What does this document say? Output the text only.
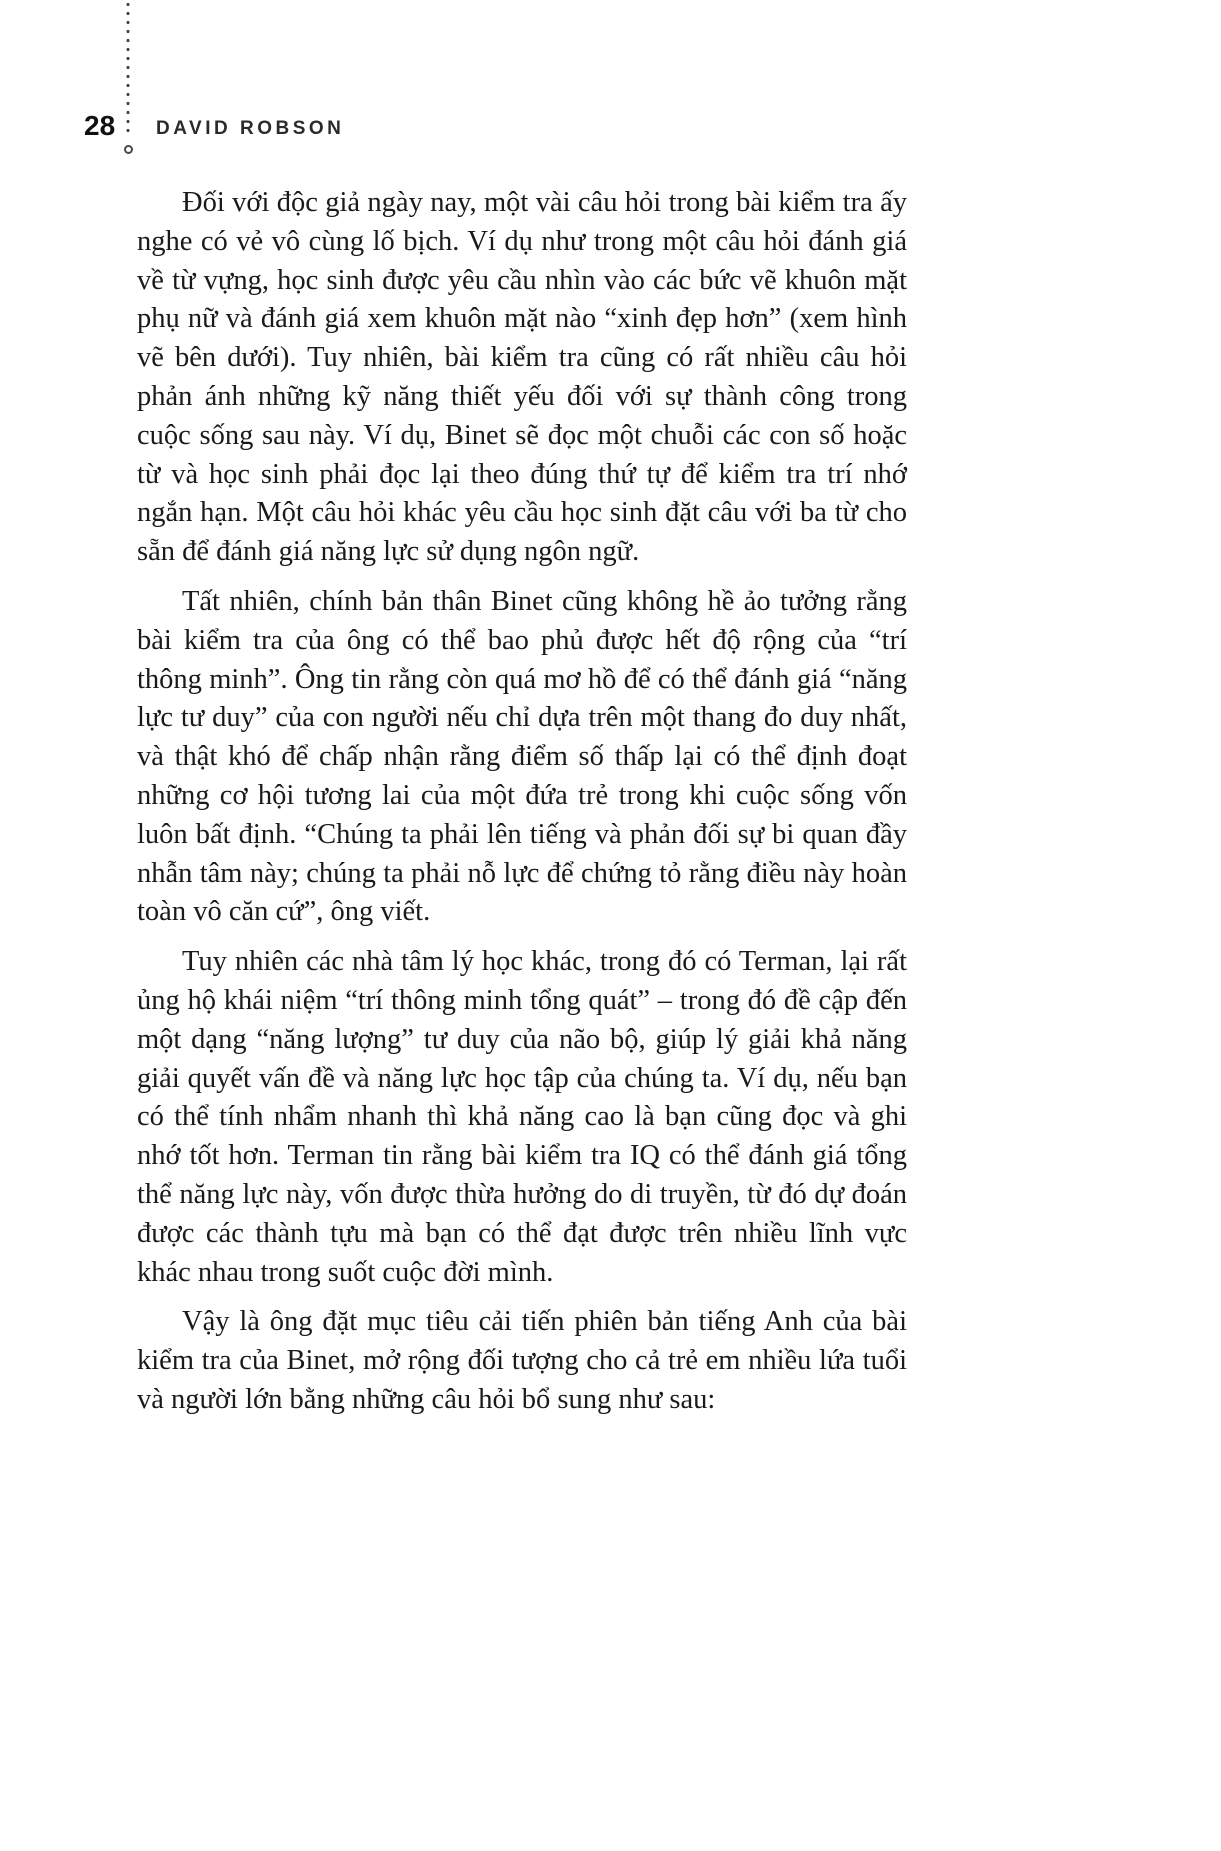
28 DAVID ROBSON

Đối với độc giả ngày nay, một vài câu hỏi trong bài kiểm tra ấy nghe có vẻ vô cùng lố bịch. Ví dụ như trong một câu hỏi đánh giá về từ vựng, học sinh được yêu cầu nhìn vào các bức vẽ khuôn mặt phụ nữ và đánh giá xem khuôn mặt nào “xinh đẹp hơn” (xem hình vẽ bên dưới). Tuy nhiên, bài kiểm tra cũng có rất nhiều câu hỏi phản ánh những kỹ năng thiết yếu đối với sự thành công trong cuộc sống sau này. Ví dụ, Binet sẽ đọc một chuỗi các con số hoặc từ và học sinh phải đọc lại theo đúng thứ tự để kiểm tra trí nhớ ngắn hạn. Một câu hỏi khác yêu cầu học sinh đặt câu với ba từ cho sẵn để đánh giá năng lực sử dụng ngôn ngữ.

Tất nhiên, chính bản thân Binet cũng không hề ảo tưởng rằng bài kiểm tra của ông có thể bao phủ được hết độ rộng của “trí thông minh”. Ông tin rằng còn quá mơ hồ để có thể đánh giá “năng lực tư duy” của con người nếu chỉ dựa trên một thang đo duy nhất, và thật khó để chấp nhận rằng điểm số thấp lại có thể định đoạt những cơ hội tương lai của một đứa trẻ trong khi cuộc sống vốn luôn bất định. “Chúng ta phải lên tiếng và phản đối sự bi quan đầy nhẫn tâm này; chúng ta phải nỗ lực để chứng tỏ rằng điều này hoàn toàn vô căn cứ”, ông viết.

Tuy nhiên các nhà tâm lý học khác, trong đó có Terman, lại rất ủng hộ khái niệm “trí thông minh tổng quát” – trong đó đề cập đến một dạng “năng lượng” tư duy của não bộ, giúp lý giải khả năng giải quyết vấn đề và năng lực học tập của chúng ta. Ví dụ, nếu bạn có thể tính nhẩm nhanh thì khả năng cao là bạn cũng đọc và ghi nhớ tốt hơn. Terman tin rằng bài kiểm tra IQ có thể đánh giá tổng thể năng lực này, vốn được thừa hưởng do di truyền, từ đó dự đoán được các thành tựu mà bạn có thể đạt được trên nhiều lĩnh vực khác nhau trong suốt cuộc đời mình.

Vậy là ông đặt mục tiêu cải tiến phiên bản tiếng Anh của bài kiểm tra của Binet, mở rộng đối tượng cho cả trẻ em nhiều lứa tuổi và người lớn bằng những câu hỏi bổ sung như sau:
